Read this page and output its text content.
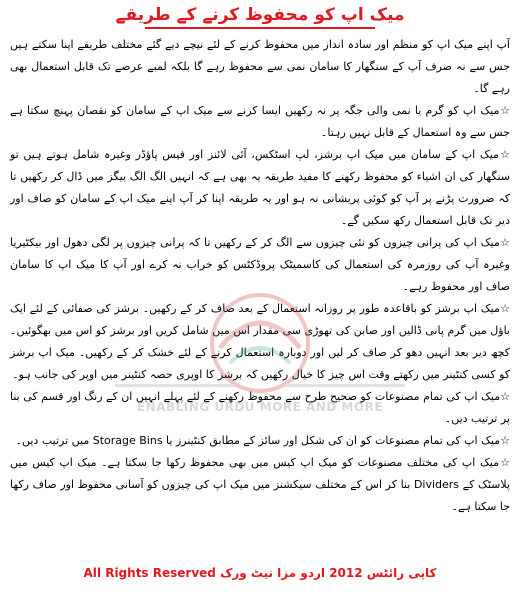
میک اپ کو محفوظ کرنے کے طریقے

آپ اپنے میک اپ کو منظم اور سادہ انداز میں محفوظ کرنے کے لئے نیچے دیے گئے مختلف طریقے اپنا سکتے ہیں جس سے نہ صرف آپ کے سنگھار کا سامان نمی سے محفوظ رہے گا بلکہ لمبے عرصے تک قابل استعمال بھی رہے گا۔

☆میک اپ کو گرم یا نمی والی جگہ پر نہ رکھیں ایسا کرنے سے میک اپ کے سامان کو نقصان پہنچ سکتا ہے جس سے وہ استعمال کے قابل نہیں رہتا۔

☆میک اپ کے سامان میں میک اپ برشز، لپ اسٹکس، آئی لائنز اور فیس پاؤڈر وغیرہ شامل ہوتے ہیں تو سنگھار کی ان اشیاء کو محفوظ رکھنے کا مفید طریقہ یہ بھی ہے کہ انہیں الگ الگ بیگز میں ڈال کر رکھیں تا کہ ضرورت پڑنے پر آپ کو کوئی پریشانی نہ ہو اور یہ طریقہ اپنا کر آپ اپنے میک اپ کے سامان کو صاف اور دیر تک قابل استعمال رکھ سکیں گے۔

☆میک اپ کی پرانی چیزوں کو نئی چیزوں سے الگ کر کے رکھیں تا کہ پرانی چیزوں پر لگی دھول اور بیکٹیریا وغیرہ آپ کی روزمرہ کی استعمال کی کاسمیٹک پروڈکٹس کو خراب نہ کرے اور آپ کا میک اپ کا سامان صاف اور محفوظ رہے۔

☆میک اپ برشز کو باقاعدہ طور پر روزانہ استعمال کے بعد صاف کر کے رکھیں۔ برشز کی صفائی کے لئے ایک باؤل میں گرم پانی ڈالیں اور صابن کی تھوڑی سی مقدار اس میں شامل کریں اور برشز کو اس میں بھگوئیں۔ کچھ دیر بعد انہیں دھو کر صاف کر لیں اور دوبارہ استعمال کرنے کے لئے خشک کر کے رکھیں۔ میک اپ برشز کو کسی کنٹینر میں رکھتے وقت اس چیز کا خیال رکھیں کہ برشز کا اوپری حصہ کنٹینر میں اوپر کی جانب ہو۔

☆میک اپ کی تمام مصنوعات کو صحیح طرح سے محفوظ رکھنے کے لئے پہلے انہیں ان کے رنگ اور قسم کی بنا پر ترتیب دیں۔

☆میک اپ کی تمام مصنوعات کو ان کی شکل اور سائز کے مطابق کنٹینرز یا Storage Bins میں ترتیب دیں۔

☆میک اپ کی مختلف مصنوعات کو میک اپ کیس میں بھی محفوظ رکھا جا سکتا ہے۔ میک اپ کیس میں پلاسٹک کے Dividers بنا کر اس کے مختلف سیکشنز میں میک اپ کی چیزوں کو آسانی محفوظ اور صاف رکھا جا سکتا ہے۔

ENABLING URDU MORE AND MORE
کاپی رائٹس 2012 اردو مزا نیٹ ورک All Rights Reserved
